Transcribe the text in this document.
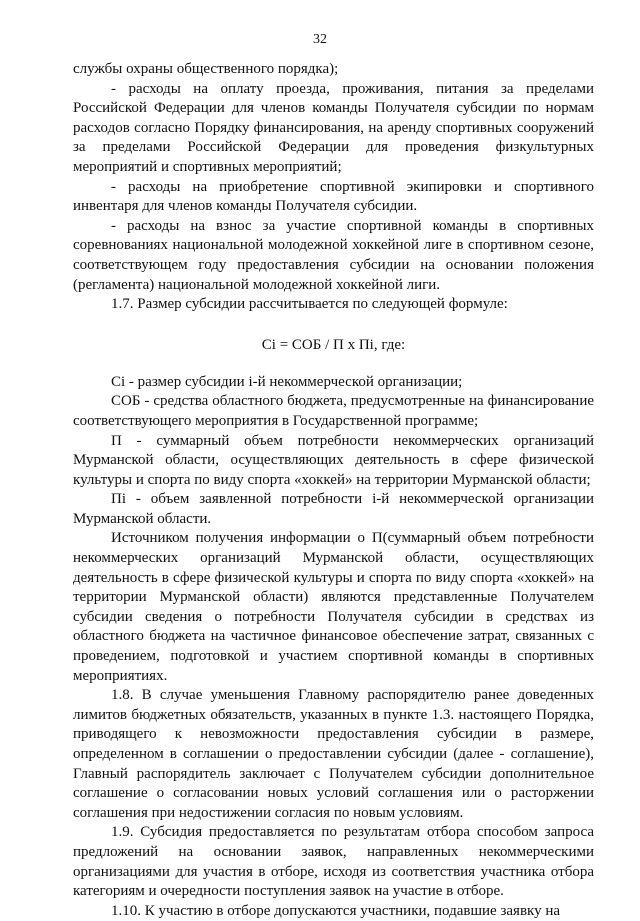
32

службы охраны общественного порядка);

- расходы на оплату проезда, проживания, питания за пределами Российской Федерации для членов команды Получателя субсидии по нормам расходов согласно Порядку финансирования, на аренду спортивных сооружений за пределами Российской Федерации для проведения физкультурных мероприятий и спортивных мероприятий;

- расходы на приобретение спортивной экипировки и спортивного инвентаря для членов команды Получателя субсидии.

- расходы на взнос за участие спортивной команды в спортивных соревнованиях национальной молодежной хоккейной лиге в спортивном сезоне, соответствующем году предоставления субсидии на основании положения (регламента) национальной молодежной хоккейной лиги.

1.7. Размер субсидии рассчитывается по следующей формуле:

Сi = СОБ / П х Пi, где:

Сi - размер субсидии i-й некоммерческой организации;

СОБ - средства областного бюджета, предусмотренные на финансирование соответствующего мероприятия в Государственной программе;

П - суммарный объем потребности некоммерческих организаций Мурманской области, осуществляющих деятельность в сфере физической культуры и спорта по виду спорта «хоккей» на территории Мурманской области;

Пi - объем заявленной потребности i-й некоммерческой организации Мурманской области.

Источником получения информации о П(суммарный объем потребности некоммерческих организаций Мурманской области, осуществляющих деятельность в сфере физической культуры и спорта по виду спорта «хоккей» на территории Мурманской области) являются представленные Получателем субсидии сведения о потребности Получателя субсидии в средствах из областного бюджета на частичное финансовое обеспечение затрат, связанных с проведением, подготовкой и участием спортивной команды в спортивных мероприятиях.

1.8. В случае уменьшения Главному распорядителю ранее доведенных лимитов бюджетных обязательств, указанных в пункте 1.3. настоящего Порядка, приводящего к невозможности предоставления субсидии в размере, определенном в соглашении о предоставлении субсидии (далее - соглашение), Главный распорядитель заключает с Получателем субсидии дополнительное соглашение о согласовании новых условий соглашения или о расторжении соглашения при недостижении согласия по новым условиям.

1.9. Субсидия предоставляется по результатам отбора способом запроса предложений на основании заявок, направленных некоммерческими организациями для участия в отборе, исходя из соответствия участника отбора категориям и очередности поступления заявок на участие в отборе.

1.10. К участию в отборе допускаются участники, подавшие заявку на
